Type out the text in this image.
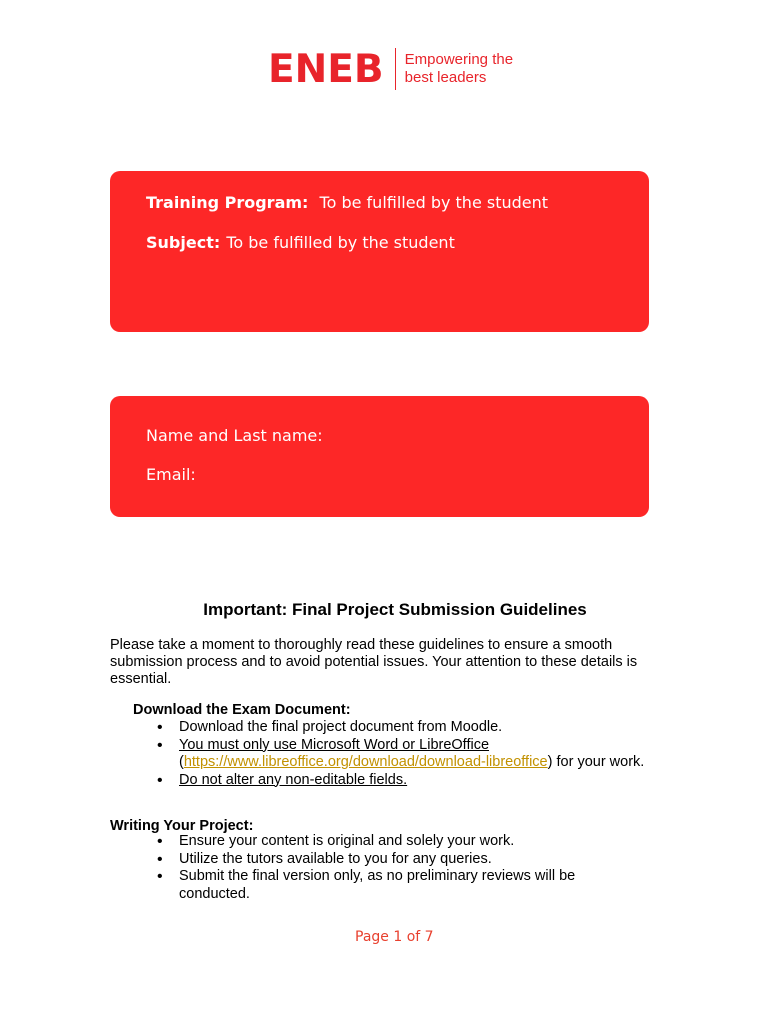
ENEB Empowering the
best leaders
Training Program: To be fulfilled by the student
Subject: To be fulfilled by the student
Name and Last name:
Email:
Important: Final Project Submission Guidelines
Please take a moment to thoroughly read these guidelines to ensure a smooth submission process and to avoid potential issues. Your attention to these details is essential.
Download the Exam Document:
• Download the final project document from Moodle.
• You must only use Microsoft Word or LibreOffice
(https://www.libreoffice.org/download/download-libreoffice) for your work.
• Do not alter any non-editable fields.
Writing Your Project:
• Ensure your content is original and solely your work.
• Utilize the tutors available to you for any queries.
• Submit the final version only, as no preliminary reviews will be conducted.
Page 1 of 7
